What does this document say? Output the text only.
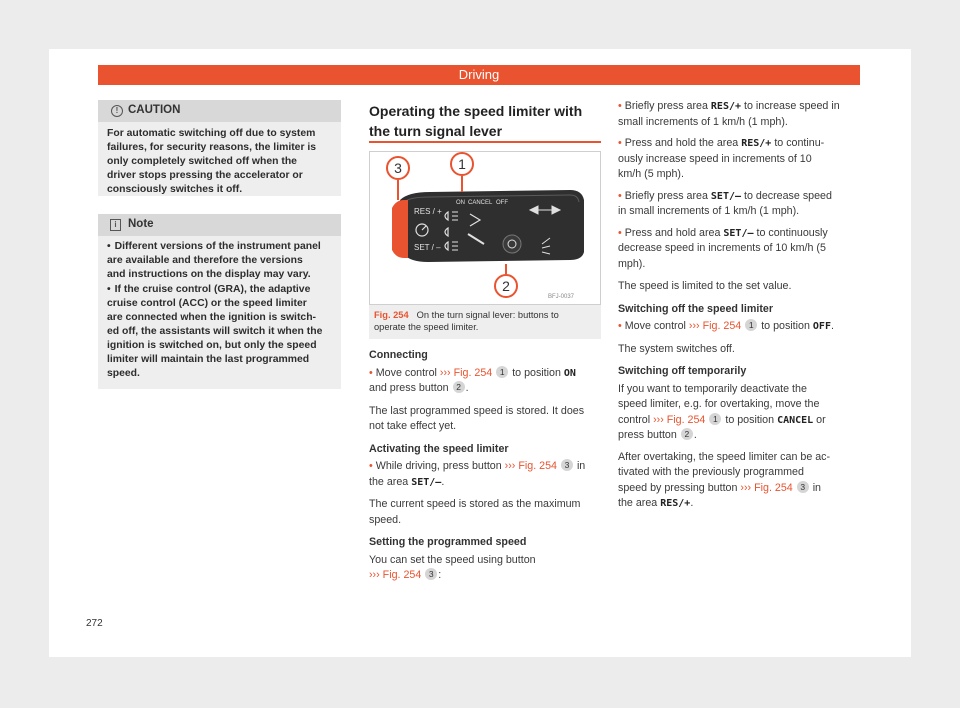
Driving
! CAUTION
For automatic switching off due to system
failures, for security reasons, the limiter is
only completely switched off when the
driver stops pressing the accelerator or
consciously switches it off.
i Note
• Different versions of the instrument panel
are available and therefore the versions
and instructions on the display may vary.
• If the cruise control (GRA), the adaptive
cruise control (ACC) or the speed limiter
are connected when the ignition is switch-
ed off, the assistants will switch it when the
ignition is switched on, but only the speed
limiter will maintain the last programmed
speed.
Operating the speed limiter with
the turn signal lever
1
2
3
RES / +
SET / –
ON CANCEL OFF
BFJ-0037
Fig. 254 On the turn signal lever: buttons to
operate the speed limiter.

Connecting

• Move control ››› Fig. 254 1 to position ON

and press button 2 .

The last programmed speed is stored. It does

not take effect yet.

Activating the speed limiter

• While driving, press button ››› Fig. 254 3 in

the area SET/–.

The current speed is stored as the maximum

speed.

Setting the programmed speed

You can set the speed using button

››› Fig. 254 3 :

• Briefly press area RES/+ to increase speed in

small increments of 1 km/h (1 mph).

• Press and hold the area RES/+ to continu-

ously increase speed in increments of 10

km/h (5 mph).

• Briefly press area SET/– to decrease speed

in small increments of 1 km/h (1 mph).

• Press and hold area SET/– to continuously

decrease speed in increments of 10 km/h (5

mph).

The speed is limited to the set value.

Switching off the speed limiter

• Move control ››› Fig. 254 1 to position OFF.

The system switches off.

Switching off temporarily

If you want to temporarily deactivate the

speed limiter, e.g. for overtaking, move the

control ››› Fig. 254 1 to position CANCEL or

press button 2 .

After overtaking, the speed limiter can be ac-

tivated with the previously programmed

speed by pressing button ››› Fig. 254 3 in

the area RES/+.

272
